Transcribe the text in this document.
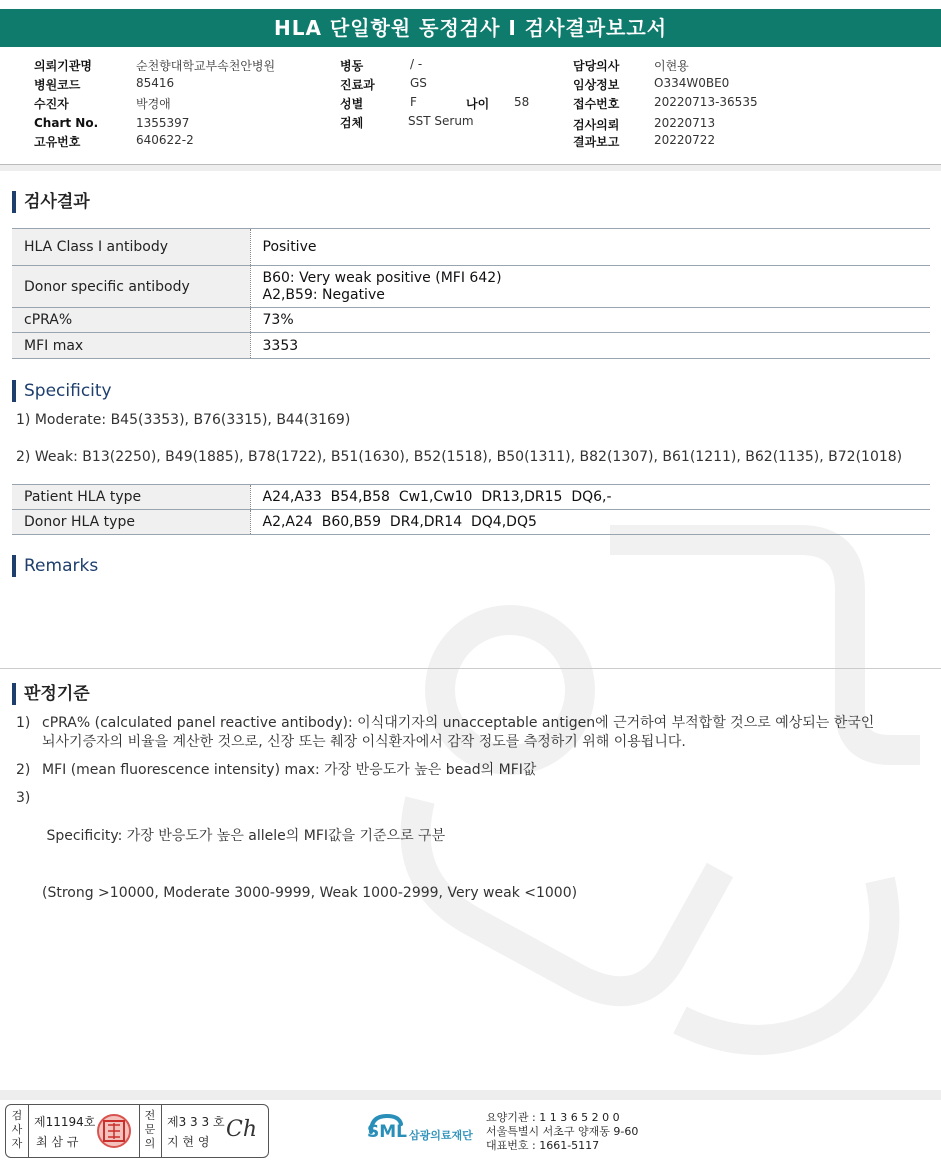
HLA 단일항원 동정검사 I 검사결과보고서
의뢰기관명	순천향대학교부속천안병원
병원코드	85416
수진자	박경애
Chart No.	1355397
고유번호	640622-2
병동	/ -
진료과	GS
성별	F	나이 58
검체	SST Serum
담당의사	이현용
임상정보	O334W0BE0
접수번호	20220713-36535
검사의뢰	20220713
결과보고	20220722
검사결과
HLA Class I antibody	Positive
Donor specific antibody	B60: Very weak positive (MFI 642)
A2,B59: Negative

cPRA%	73%
MFI max	3353
Specificity
1) Moderate: B45(3353), B76(3315), B44(3169)
2) Weak: B13(2250), B49(1885), B78(1722), B51(1630), B52(1518), B50(1311), B82(1307), B61(1211), B62(1135), B72(1018)
Patient HLA type	A24,A33  B54,B58  Cw1,Cw10  DR13,DR15  DQ6,-
Donor HLA type	A2,A24  B60,B59  DR4,DR14  DQ4,DQ5
Remarks
판정기준
1) cPRA% (calculated panel reactive antibody): 이식대기자의 unacceptable antigen에 근거하여 부적합할 것으로 예상되는 한국인
뇌사기증자의 비율을 계산한 것으로, 신장 또는 췌장 이식환자에서 감작 정도를 측정하기 위해 이용됩니다.
2) MFI (mean fluorescence intensity) max: 가장 반응도가 높은 bead의 MFI값
3)

Specificity: 가장 반응도가 높은 allele의 MFI값을 기준으로 구분

(Strong >10000, Moderate 3000-9999, Weak 1000-2999, Very weak <1000)

검사자
제11194호
최 삼 규
전문의
제3 3 3 호
지 현 영 Ch	SML 삼광의료재단
요양기관 : 1 1 3 6 5 2 0 0
서울특별시 서초구 양재동 9-60
대표번호 : 1661-5117
